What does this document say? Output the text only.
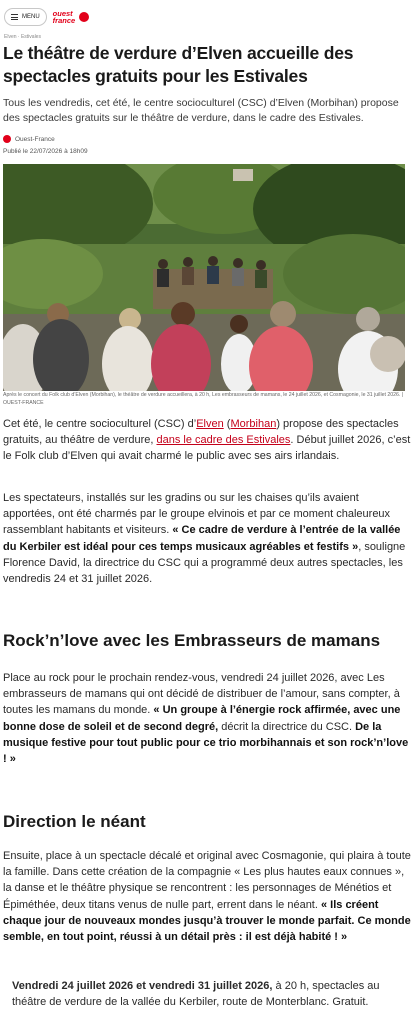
MENU ouest france
Elven · Estivales
Le théâtre de verdure d’Elven accueille des spectacles gratuits pour les Estivales

Tous les vendredis, cet été, le centre socioculturel (CSC) d’Elven (Morbihan) propose des spectacles gratuits sur le théâtre de verdure, dans le cadre des Estivales.

Ouest-France
Publié le 22/07/2026 à 18h09

Après le concert du Folk club d’Elven (Morbihan), le théâtre de verdure accueillera, à 20 h, Les embrasseurs de mamans, le 24 juillet 2026, et Cosmagonie, le 31 juillet 2026. | OUEST-FRANCE

Cet été, le centre socioculturel (CSC) d’Elven (Morbihan) propose des spectacles gratuits, au théâtre de verdure, dans le cadre des Estivales. Début juillet 2026, c’est le Folk club d’Elven qui avait charmé le public avec ses airs irlandais.

Les spectateurs, installés sur les gradins ou sur les chaises qu’ils avaient apportées, ont été charmés par le groupe elvinois et par ce moment chaleureux rassemblant habitants et visiteurs. « Ce cadre de verdure à l’entrée de la vallée du Kerbiler est idéal pour ces temps musicaux agréables et festifs », souligne Florence David, la directrice du CSC qui a programmé deux autres spectacles, les vendredis 24 et 31 juillet 2026.

Rock’n’love avec les Embrasseurs de mamans

Place au rock pour le prochain rendez-vous, vendredi 24 juillet 2026, avec Les embrasseurs de mamans qui ont décidé de distribuer de l’amour, sans compter, à toutes les mamans du monde. « Un groupe à l’énergie rock affirmée, avec une bonne dose de soleil et de second degré, décrit la directrice du CSC. De la musique festive pour tout public pour ce trio morbihannais et son rock’n’love ! »

Direction le néant

Ensuite, place à un spectacle décalé et original avec Cosmagonie, qui plaira à toute la famille. Dans cette création de la compagnie « Les plus hautes eaux connues », la danse et le théâtre physique se rencontrent : les personnages de Ménétios et Épiméthée, deux titans venus de nulle part, errent dans le néant. « Ils créent chaque jour de nouveaux mondes jusqu’à trouver le monde parfait. Ce monde semble, en tout point, réussi à un détail près : il est déjà habité ! »

Vendredi 24 juillet 2026 et vendredi 31 juillet 2026, à 20 h, spectacles au théâtre de verdure de la vallée du Kerbiler, route de Monterblanc. Gratuit.
